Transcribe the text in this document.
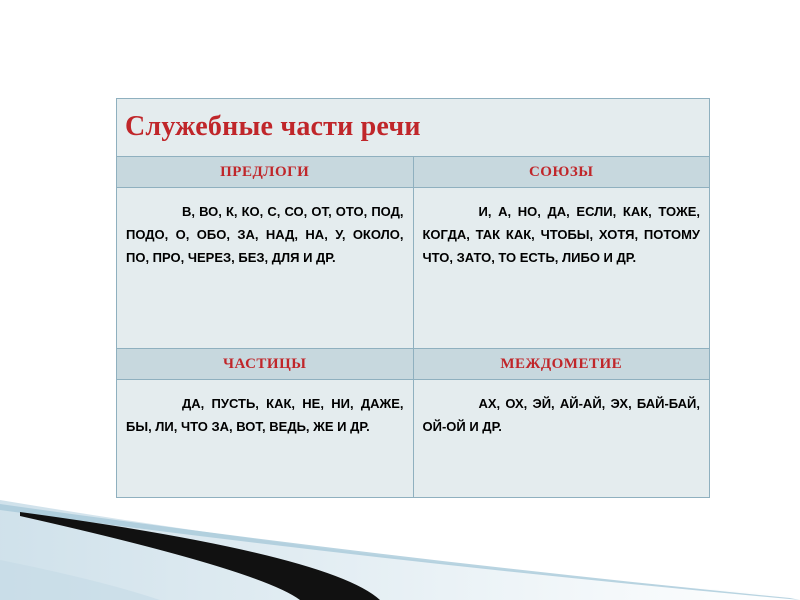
Служебные части речи	

ПРЕДЛОГИ	СОЮЗЫ

В, ВО, К, КО, С, СО, ОТ, ОТО, ПОД, ПОДО, О, ОБО, ЗА, НАД, НА, У, ОКОЛО, ПО, ПРО, ЧЕРЕЗ, БЕЗ, ДЛЯ И ДР.	И, А, НО, ДА, ЕСЛИ, КАК, ТОЖЕ, КОГДА, ТАК КАК, ЧТОБЫ, ХОТЯ, ПОТОМУ ЧТО, ЗАТО, ТО ЕСТЬ, ЛИБО И ДР.

ЧАСТИЦЫ	МЕЖДОМЕТИЕ

ДА, ПУСТЬ, КАК, НЕ, НИ, ДАЖЕ, БЫ, ЛИ, ЧТО ЗА, ВОТ, ВЕДЬ, ЖЕ И ДР.	АХ, ОХ, ЭЙ, АЙ-АЙ, ЭХ, БАЙ-БАЙ, ОЙ-ОЙ И ДР.
